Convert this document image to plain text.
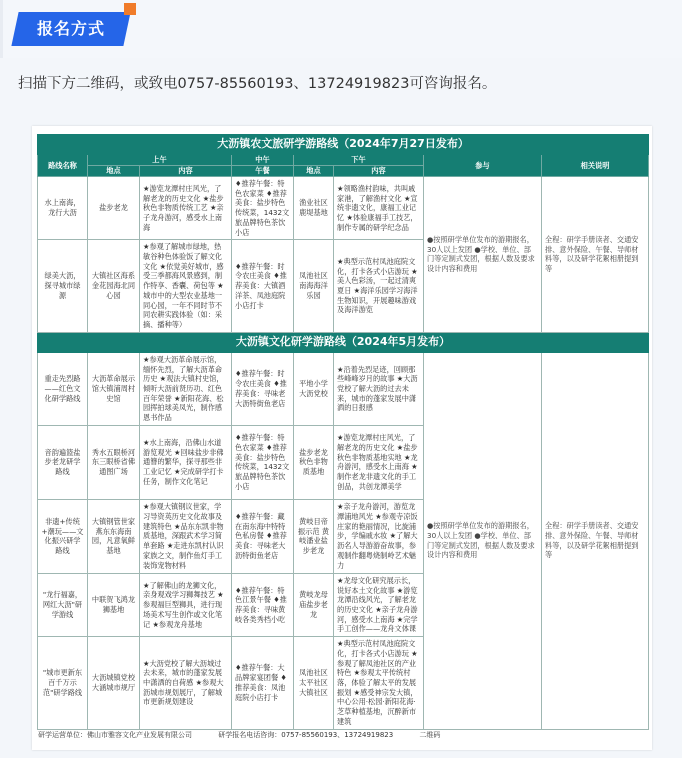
报名方式
扫描下方二维码，或致电0757-85560193、13724919823可咨询报名。
大沥镇农文旅研学游路线（2024年7月27日发布）							
路线名称	上午		中午	下午		参与	相关说明
	地点	内容	午餐	地点	内容		
水上南海，龙行大沥	盐步老龙	★游览龙潭村庄风光，了解老龙的历史文化 ★盐步秋色非物质传统工艺 ★亲子龙舟游河，感受水上南海	♦推荐午餐：特色农家菜 ♦推荐美食：盐步特色传统菜，1432文旅品牌特色茶饮小店	渔业社区鹿堤基地	★领略渔村韵味，共叫戚家港，了解渔村文化 ★宣统非遗文化，康福工业记忆 ★体验康福手工技艺，制作专属的研学纪念品	●按照研学单位发布的游期报名，30人以上发团 ●学校、单位、部门等定制式发团，根据人数及要求设计内容和费用	全程：研学手册读者、交通安排、意外保险、午餐、导师材料等，以及研学花絮相册提到等
绿美大沥，探寻城市绿源	大镇社区海系金花园海北同心园	★参观了解城市绿地，热敏谷种色体验饭了解文化文化 ★依觉美好城市，感受三季都海风景感到，制作特享、香囊、荷包等 ★城市中的大型农业基地一同心园，一年不同时节不同农耕实践体验（如：采摘、播种等）	♦推荐午餐：时令农庄美食 ♦推荐美食：大镇酒洋茶、凤池庭院小店打卡	凤池社区南海海洋乐园	★典型示范村凤池庭院文化，打卡各式小店游玩 ★美人色彩汤，一起过清爽夏日 ★海洋乐园学习海洋生物知识，开展趣味游戏及海洋游览		
大沥镇文化研学游路线（2024年5月发布）							
重走先烈路——红色文化研学路线	大沥革命展示馆大镇浦周村史馆	★参观大沥革命展示馆，缅怀先烈，了解大沥革命历史 ★观法大镇村史馆，倾听大沥前贤历功、红色百年荣誉 ★新阳花海、松园挥拍球美凤光，制作感恩书作品	♦推荐午餐：时令农庄美食 ♦推荐美食：寻味老大沥特街鱼老店	平地小学大沥党校	★沿着先烈足迹，回顾那些峰峰岁月的故事 ★大沥党校了解大沥的过去未来，城市的蓬家发展中潇洒的日报感	●按照研学单位发布的游期报名，30人以上发团 ●学校、单位、部门等定制式发团，根据人数及要求设计内容和费用	全程：研学手册读者、交通安排、意外保险、午餐、导师材料等，以及研学花絮相册提到等
音韵遍篮盐步老龙研学路线	秀水五眼桥河东三眼桥省佛通图广场	★水上南海，沿佛山水道游览观光 ★回味盐步非佛通簪的繁华，探寻那些非工业记忆 ★完成研学打卡任务，制作文化笔记	♦推荐午餐：特色农家菜 ♦推荐美食：盐步特色传统菜，1432文旅品牌特色茶饮小店	盐步老龙秋色非物质基地	★游览龙潭村庄风光，了解老龙的历史文化 ★盐步秋色非物质基地实地 ★龙舟游河，感受水上南海 ★制作老龙非遗文化的手工创品，共创龙潭美学		
非遗+传统+潮玩——文化振兴研学路线	大镇钢管世家燕东东海南园，凡意氧鲜基地	★参观大镇钢议世家，学习导资英历史文化故事及建筑特色 ★品东东凯非物质基地，深跟武术学习简单套路 ★走进东凯村认识家族之文，制作鱼灯手工装饰宠物材料	♦推荐午餐：藏在南东海中特特色私房餐 ♦推荐美食：寻味老大沥特街鱼老店	黄岐目帝振示范 黄岐潘业盐步老龙	★亲子龙舟游河，游览龙潭浦地风光 ★参观寺凉饭庄家的艳丽情况，比旋浦步，学编戚水妆 ★了解大沥名人导游游奋故事，参观制作翻粤烧制岭艺术魅力		
"龙行福嘉，网红大沥"研学游线	中联贺飞鸿龙狮基地	★了解佛山的龙狮文化，亲身观戏学习狮舞技艺 ★参观福巨型狮具，进行现场美术写生创作或文化笔记 ★参观龙舟基地	♦推荐午餐：特色江景午餐 ♦推荐美食：寻味黄岐各类秀档小吃	黄岐龙母庙盐步老龙	★龙母文化研究展示长，说好本土文化故事 ★游览龙潭沿线风光，了解老龙的历史文化 ★亲子龙舟游河，感受水上南海 ★完学手工创作——龙舟文体课		
"城市更新东百千万示范"研学路线	大沥城镇党校大涵城市规厅	★大沥党校了解大沥城过去未来，城市的蓬家发展中潇洒的自荷感 ★参观大沥城市规划展厅，了解城市更新规划建设	♦推荐午餐：大品牌家宴团餐 ♦推荐美食：凤池庭院小店打卡	凤池社区太平社区大镇社区	★典型示范村凤池庭院文化，打卡各式小店游玩 ★参观了解凤池社区的产业特色 ★参观太平传统村落，体验了解太平的发展振划 ★感受神宗发大镇，中心公用·松园·新阳花海·芝草种植基地，沉醉新市建筑		
研学运营单位：佛山市雅容文化产业发展有限公司	研学报名电话咨询：0757-85560193、13724919823	二维码
